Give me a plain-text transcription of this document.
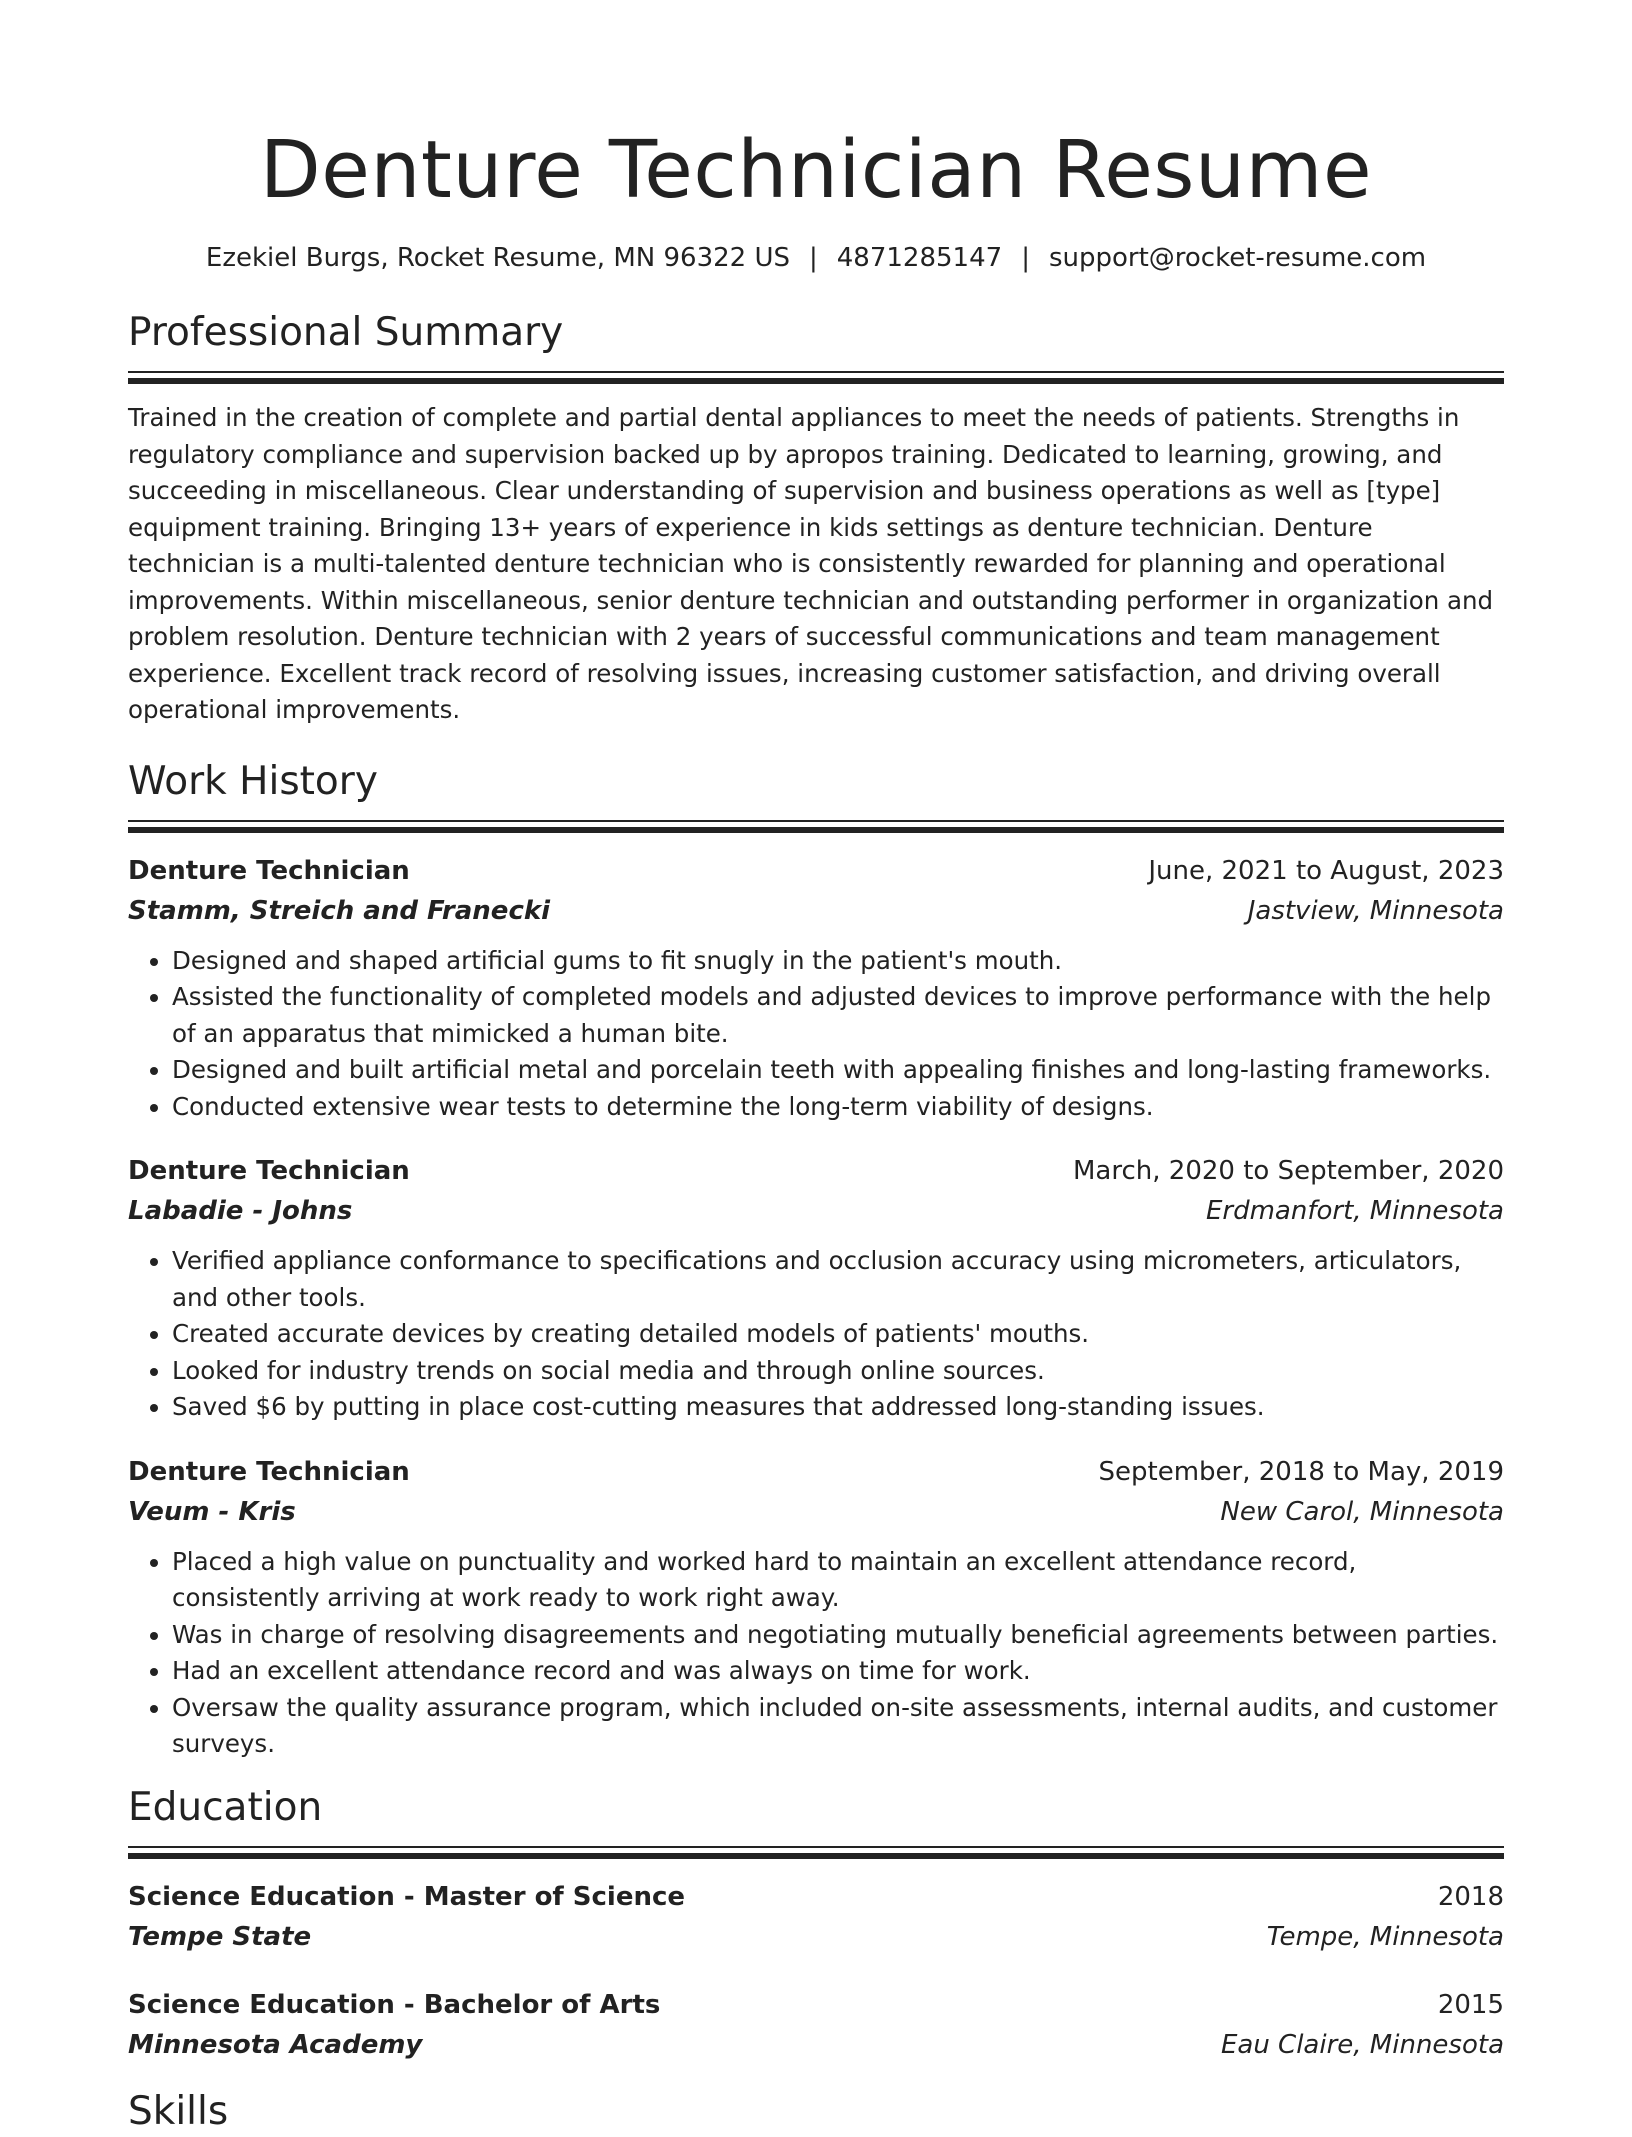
Denture Technician Resume
Ezekiel Burgs, Rocket Resume, MN 96322 US | 4871285147 | support@rocket-resume.com
Professional Summary
Trained in the creation of complete and partial dental appliances to meet the needs of patients. Strengths in regulatory compliance and supervision backed up by apropos training. Dedicated to learning, growing, and succeeding in miscellaneous. Clear understanding of supervision and business operations as well as [type] equipment training. Bringing 13+ years of experience in kids settings as denture technician. Denture technician is a multi-talented denture technician who is consistently rewarded for planning and operational improvements. Within miscellaneous, senior denture technician and outstanding performer in organization and problem resolution. Denture technician with 2 years of successful communications and team management experience. Excellent track record of resolving issues, increasing customer satisfaction, and driving overall operational improvements.
Work History
Denture Technician	June, 2021 to August, 2023
Stamm, Streich and Franecki	Jastview, Minnesota
• Designed and shaped artificial gums to fit snugly in the patient's mouth.
• Assisted the functionality of completed models and adjusted devices to improve performance with the help of an apparatus that mimicked a human bite.
• Designed and built artificial metal and porcelain teeth with appealing finishes and long-lasting frameworks.
• Conducted extensive wear tests to determine the long-term viability of designs.
Denture Technician	March, 2020 to September, 2020
Labadie - Johns	Erdmanfort, Minnesota
• Verified appliance conformance to specifications and occlusion accuracy using micrometers, articulators, and other tools.
• Created accurate devices by creating detailed models of patients' mouths.
• Looked for industry trends on social media and through online sources.
• Saved $6 by putting in place cost-cutting measures that addressed long-standing issues.
Denture Technician	September, 2018 to May, 2019
Veum - Kris	New Carol, Minnesota
• Placed a high value on punctuality and worked hard to maintain an excellent attendance record, consistently arriving at work ready to work right away.
• Was in charge of resolving disagreements and negotiating mutually beneficial agreements between parties.
• Had an excellent attendance record and was always on time for work.
• Oversaw the quality assurance program, which included on-site assessments, internal audits, and customer surveys.
Education
Science Education - Master of Science	2018
Tempe State	Tempe, Minnesota
Science Education - Bachelor of Arts	2015
Minnesota Academy	Eau Claire, Minnesota
Skills
